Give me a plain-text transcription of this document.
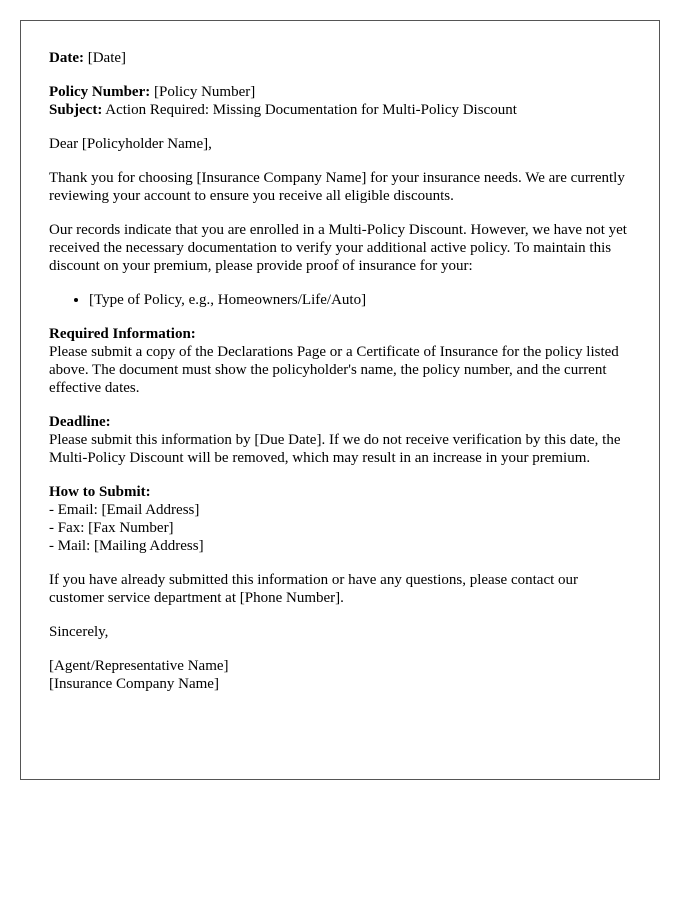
Date: [Date]

Policy Number: [Policy Number]
Subject: Action Required: Missing Documentation for Multi-Policy Discount

Dear [Policyholder Name],

Thank you for choosing [Insurance Company Name] for your insurance needs. We are currently reviewing your account to ensure you receive all eligible discounts.

Our records indicate that you are enrolled in a Multi-Policy Discount. However, we have not yet received the necessary documentation to verify your additional active policy. To maintain this discount on your premium, please provide proof of insurance for your:

• [Type of Policy, e.g., Homeowners/Life/Auto]

Required Information:
Please submit a copy of the Declarations Page or a Certificate of Insurance for the policy listed above. The document must show the policyholder's name, the policy number, and the current effective dates.

Deadline:
Please submit this information by [Due Date]. If we do not receive verification by this date, the Multi-Policy Discount will be removed, which may result in an increase in your premium.

How to Submit:
- Email: [Email Address]
- Fax: [Fax Number]
- Mail: [Mailing Address]

If you have already submitted this information or have any questions, please contact our customer service department at [Phone Number].

Sincerely,

[Agent/Representative Name]
[Insurance Company Name]
